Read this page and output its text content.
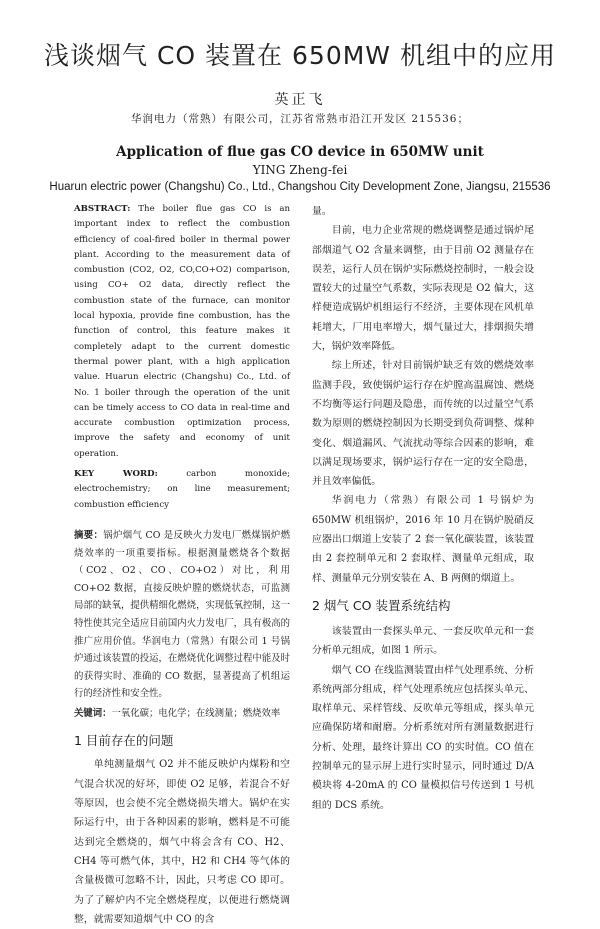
浅谈烟气 CO 装置在 650MW 机组中的应用
英正飞
华润电力（常熟）有限公司，江苏省常熟市沿江开发区 215536；
Application of flue gas CO device in 650MW unit
YING Zheng-fei
Huarun electric power (Changshu) Co., Ltd., Changshou City Development Zone, Jiangsu, 215536

ABSTRACT: The boiler flue gas CO is an important index to reflect the combustion efficiency of coal-fired boiler in thermal power plant. According to the measurement data of combustion (CO2, O2, CO,CO+O2) comparison, using CO+ O2 data, directly reflect the combustion state of the furnace, can monitor local hypoxia, provide fine combustion, has the function of control, this feature makes it completely adapt to the current domestic thermal power plant, with a high application value. Huarun electric (Changshu) Co., Ltd. of No. 1 boiler through the operation of the unit can be timely access to CO data in real-time and accurate combustion optimization process, improve the safety and economy of unit operation.

KEY WORD: carbon monoxide; electrochemistry; on line measurement; combustion efficiency

摘要：锅炉烟气 CO 是反映火力发电厂燃煤锅炉燃烧效率的一项重要指标。根据测量燃烧各个数据（CO2、O2、CO、CO+O2）对比，利用 CO+O2 数据，直接反映炉膛的燃烧状态，可监测局部的缺氧，提供精细化燃烧，实现低氧控制，这一特性使其完全适应目前国内火力发电厂，具有极高的推广应用价值。华润电力（常熟）有限公司 1 号锅炉通过该装置的投运，在燃烧优化调整过程中能及时的获得实时、准确的 CO 数据，显著提高了机组运行的经济性和安全性。

关键词：一氧化碳；电化学；在线测量；燃烧效率

1 目前存在的问题

单纯测量烟气 O2 并不能反映炉内煤粉和空气混合状况的好坏，即使 O2 足够，若混合不好等原因，也会使不完全燃烧损失增大。锅炉在实际运行中，由于各种因素的影响，燃料是不可能达到完全燃烧的，烟气中将会含有 CO、H2、CH4 等可燃气体，其中，H2 和 CH4 等气体的含量极微可忽略不计，因此，只考虑 CO 即可。为了了解炉内不完全燃烧程度，以便进行燃烧调整，就需要知道烟气中 CO 的含

量。

目前，电力企业常规的燃烧调整是通过锅炉尾部烟道气 O2 含量来调整，由于目前 O2 测量存在误差，运行人员在锅炉实际燃烧控制时，一般会设置较大的过量空气系数，实际表现是 O2 偏大，这样便造成锅炉机组运行不经济，主要体现在风机单耗增大，厂用电率增大，烟气量过大，排烟损失增大，锅炉效率降低。

综上所述，针对目前锅炉缺乏有效的燃烧效率监测手段，致使锅炉运行存在炉膛高温腐蚀、燃烧不均衡等运行问题及隐患，而传统的以过量空气系数为原则的燃烧控制因为长期受到负荷调整、煤种变化、烟道漏风、气流扰动等综合因素的影响，难以满足现场要求，锅炉运行存在一定的安全隐患，并且效率偏低。

华润电力（常熟）有限公司 1 号锅炉为 650MW 机组锅炉，2016 年 10 月在锅炉脱硝反应器出口烟道上安装了 2 套一氧化碳装置，该装置由 2 套控制单元和 2 套取样、测量单元组成，取样、测量单元分别安装在 A、B 两侧的烟道上。

2 烟气 CO 装置系统结构

该装置由一套探头单元、一套反吹单元和一套分析单元组成，如图 1 所示。

烟气 CO 在线监测装置由样气处理系统、分析系统两部分组成，样气处理系统应包括探头单元、取样单元、采样管线、反吹单元等组成，探头单元应确保防堵和耐磨。分析系统对所有测量数据进行分析、处理，最终计算出 CO 的实时值。CO 值在控制单元的显示屏上进行实时显示，同时通过 D/A 模块将 4-20mA 的 CO 量模拟信号传送到 1 号机组的 DCS 系统。
